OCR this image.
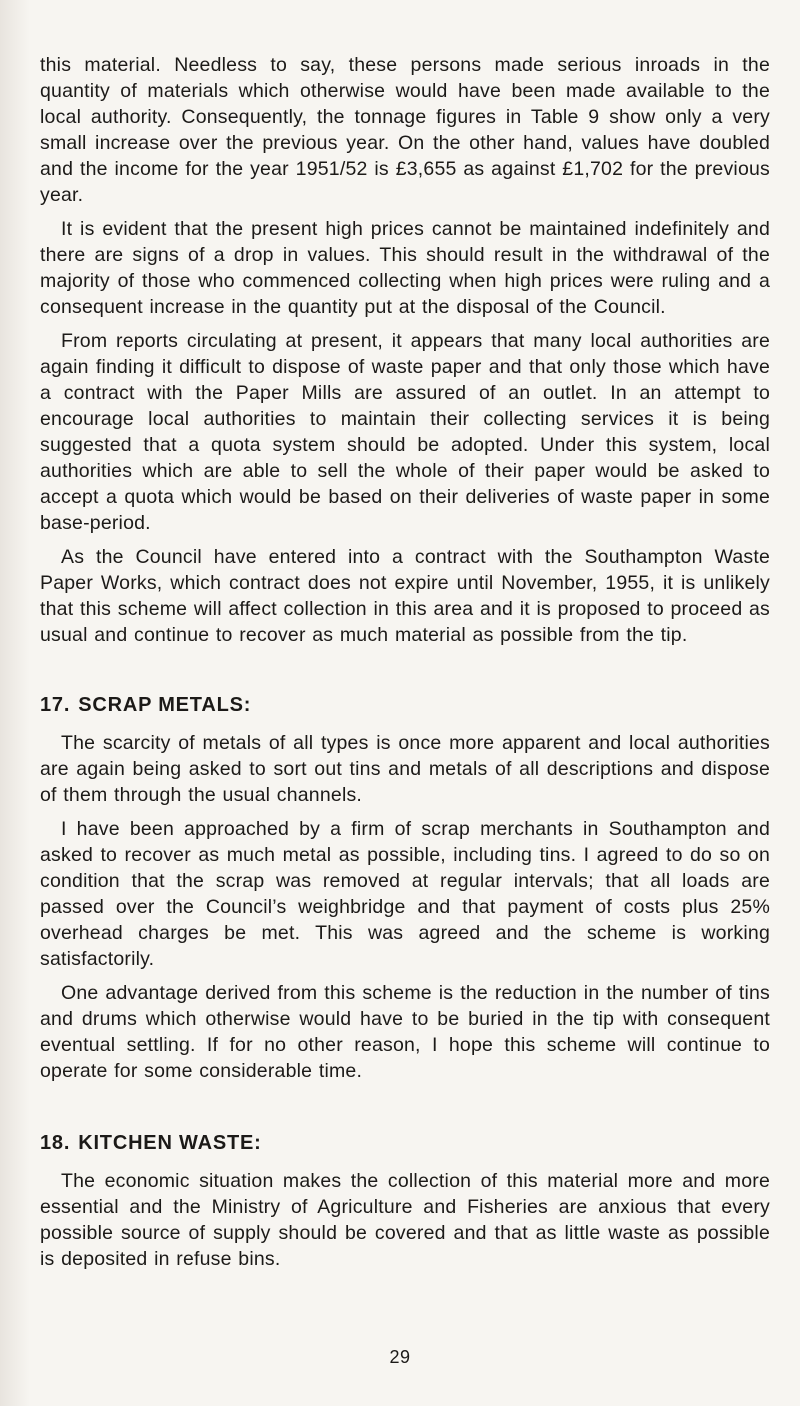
this material. Needless to say, these persons made serious inroads in the quantity of materials which otherwise would have been made available to the local authority. Consequently, the tonnage figures in Table 9 show only a very small increase over the previous year. On the other hand, values have doubled and the income for the year 1951/52 is £3,655 as against £1,702 for the previous year.

It is evident that the present high prices cannot be maintained indefinitely and there are signs of a drop in values. This should result in the withdrawal of the majority of those who commenced collecting when high prices were ruling and a consequent increase in the quantity put at the disposal of the Council.

From reports circulating at present, it appears that many local authorities are again finding it difficult to dispose of waste paper and that only those which have a contract with the Paper Mills are assured of an outlet. In an attempt to encourage local authorities to maintain their collecting services it is being suggested that a quota system should be adopted. Under this system, local authorities which are able to sell the whole of their paper would be asked to accept a quota which would be based on their deliveries of waste paper in some base-period.

As the Council have entered into a contract with the Southampton Waste Paper Works, which contract does not expire until November, 1955, it is unlikely that this scheme will affect collection in this area and it is proposed to proceed as usual and continue to recover as much material as possible from the tip.

17. SCRAP METALS:

The scarcity of metals of all types is once more apparent and local authorities are again being asked to sort out tins and metals of all descriptions and dispose of them through the usual channels.

I have been approached by a firm of scrap merchants in Southampton and asked to recover as much metal as possible, including tins. I agreed to do so on condition that the scrap was removed at regular intervals; that all loads are passed over the Council’s weighbridge and that payment of costs plus 25% overhead charges be met. This was agreed and the scheme is working satisfactorily.

One advantage derived from this scheme is the reduction in the number of tins and drums which otherwise would have to be buried in the tip with consequent eventual settling. If for no other reason, I hope this scheme will continue to operate for some considerable time.

18. KITCHEN WASTE:

The economic situation makes the collection of this material more and more essential and the Ministry of Agriculture and Fisheries are anxious that every possible source of supply should be covered and that as little waste as possible is deposited in refuse bins.

29
